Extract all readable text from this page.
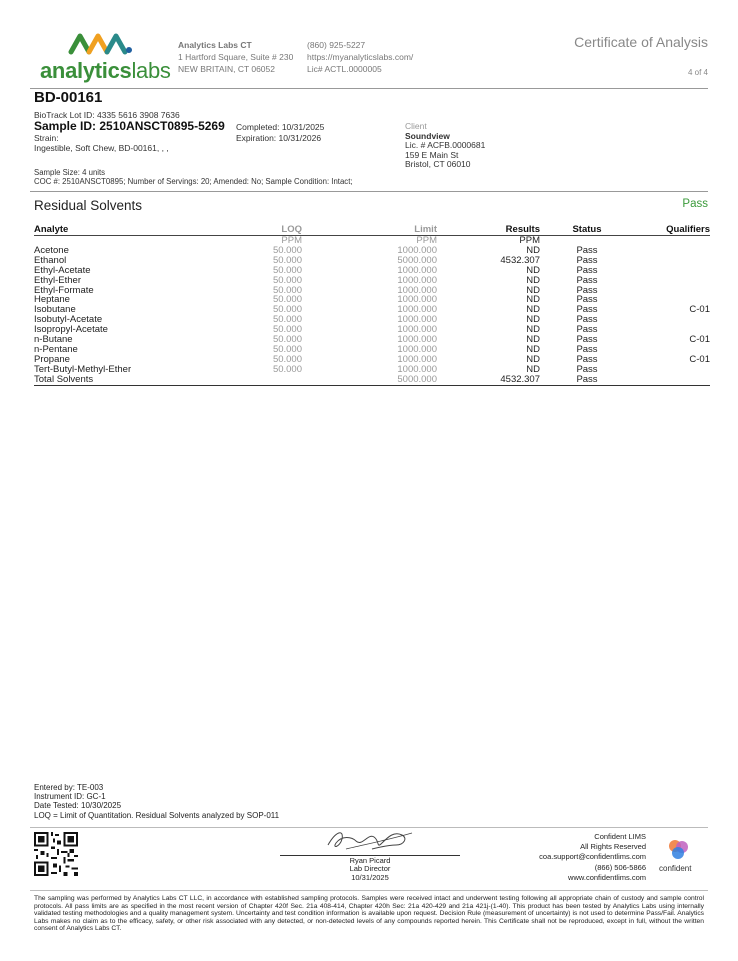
analyticslabs
Analytics Labs CT
1 Hartford Square, Suite # 230
NEW BRITAIN, CT 06052
(860) 925-5227
https://myanalyticslabs.com/
Lic# ACTL.0000005
Certificate of Analysis
4 of 4
BD-00161
BioTrack Lot ID: 4335 5616 3908 7636
Sample ID: 2510ANSCT0895-5269
Strain:
Ingestible, Soft Chew, BD-00161, , ,
Completed: 10/31/2025
Expiration: 10/31/2026
Client
Soundview
Lic. # ACFB.0000681
159 E Main St
Bristol, CT 06010
Sample Size: 4 units
COC #: 2510ANSCT0895; Number of Servings: 20; Amended: No; Sample Condition: Intact;
Residual Solvents	Pass
Analyte	LOQ	Limit	Results	Status	Qualifiers
	PPM	PPM	PPM		
Acetone	50.000	1000.000	ND	Pass	
Ethanol	50.000	5000.000	4532.307	Pass	
Ethyl-Acetate	50.000	1000.000	ND	Pass	
Ethyl-Ether	50.000	1000.000	ND	Pass	
Ethyl-Formate	50.000	1000.000	ND	Pass	
Heptane	50.000	1000.000	ND	Pass	
Isobutane	50.000	1000.000	ND	Pass	C-01
Isobutyl-Acetate	50.000	1000.000	ND	Pass	
Isopropyl-Acetate	50.000	1000.000	ND	Pass	
n-Butane	50.000	1000.000	ND	Pass	C-01
n-Pentane	50.000	1000.000	ND	Pass	
Propane	50.000	1000.000	ND	Pass	C-01
Tert-Butyl-Methyl-Ether	50.000	1000.000	ND	Pass	
Total Solvents		5000.000	4532.307	Pass	
Entered by: TE-003
Instrument ID: GC-1
Date Tested: 10/30/2025
LOQ = Limit of Quantitation. Residual Solvents analyzed by SOP-011
Ryan Picard
Lab Director
10/31/2025
Confident LIMS
All Rights Reserved
coa.support@confidentlims.com
(866) 506-5866
www.confidentlims.com
confident
The sampling was performed by Analytics Labs CT LLC, in accordance with established sampling protocols. Samples were received intact and underwent testing following all appropriate chain of custody and sample control protocols. All pass limits are as specified in the most recent version of Chapter 420f Sec. 21a 408-414, Chapter 420h Sec: 21a 420-429 and 21a 421j-(1-40). This product has been tested by Analytics Labs using internally validated testing methodologies and a quality management system. Uncertainty and test condition information is available upon request. Decision Rule (measurement of uncertainty) is not used to determine Pass/Fail. Analytics Labs makes no claim as to the efficacy, safety, or other risk associated with any detected, or non-detected levels of any compounds reported herein. This Certificate shall not be reproduced, except in full, without the written consent of Analytics Labs CT.
